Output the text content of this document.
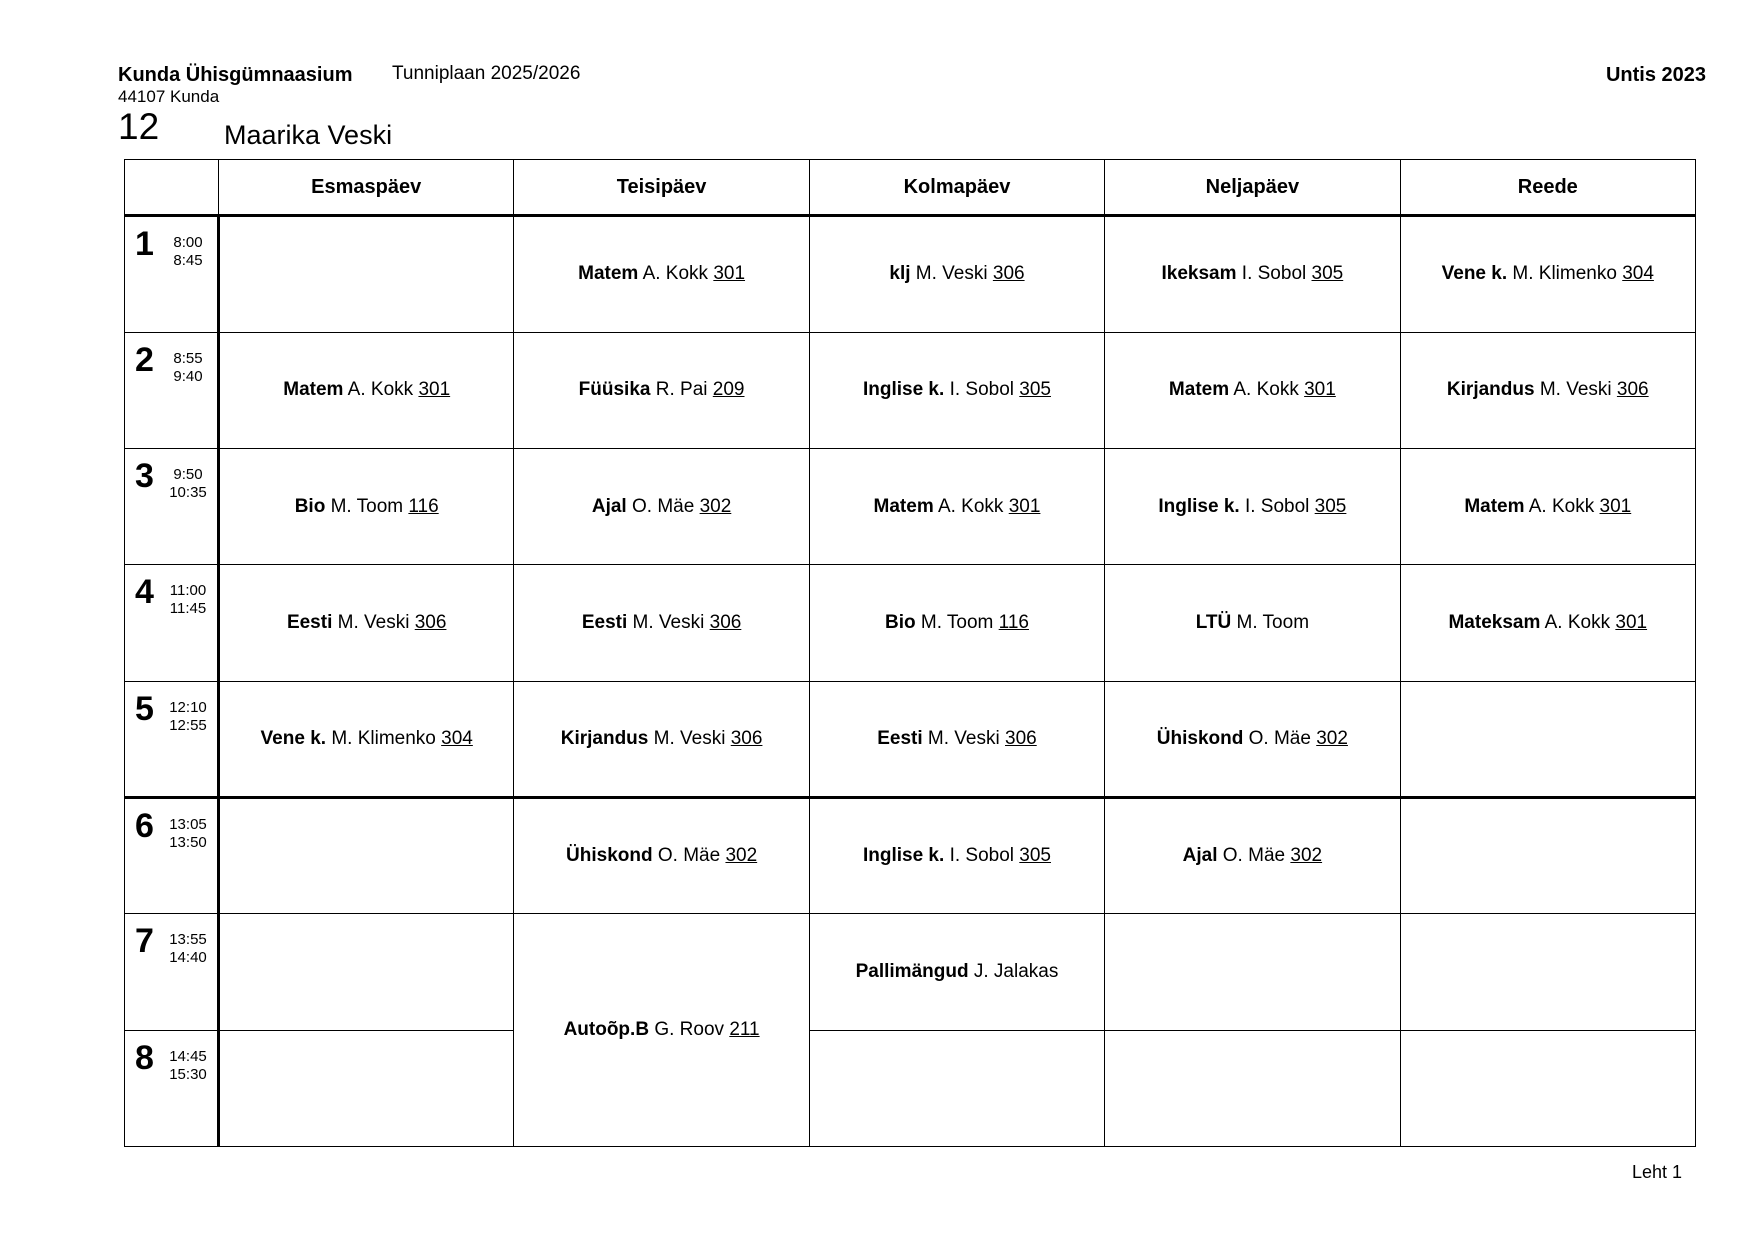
Kunda Ühisgümnaasium Tunniplaan 2025/2026
44107 Kunda
Untis 2023
12 Maarika Veski
	Esmaspäev	Teisipäev	Kolmapäev	Neljapäev	Reede

1 8:00
8:45		Matem A. Kokk 301	klj M. Veski 306	Ikeksam I. Sobol 305	Vene k. M. Klimenko 304

2 8:55
9:40	Matem A. Kokk 301	Füüsika R. Pai 209	Inglise k. I. Sobol 305	Matem A. Kokk 301	Kirjandus M. Veski 306

3 9:50
10:35	Bio M. Toom 116	Ajal O. Mäe 302	Matem A. Kokk 301	Inglise k. I. Sobol 305	Matem A. Kokk 301

4 11:00
11:45	Eesti M. Veski 306	Eesti M. Veski 306	Bio M. Toom 116	LTÜ M. Toom	Mateksam A. Kokk 301

5 12:10
12:55	Vene k. M. Klimenko 304	Kirjandus M. Veski 306	Eesti M. Veski 306	Ühiskond O. Mäe 302	

6 13:05
13:50		Ühiskond O. Mäe 302	Inglise k. I. Sobol 305	Ajal O. Mäe 302	

7 13:55
14:40		Autoõp.B G. Roov 211	Pallimängud J. Jalakas		

8 14:45
15:30					

Leht 1
